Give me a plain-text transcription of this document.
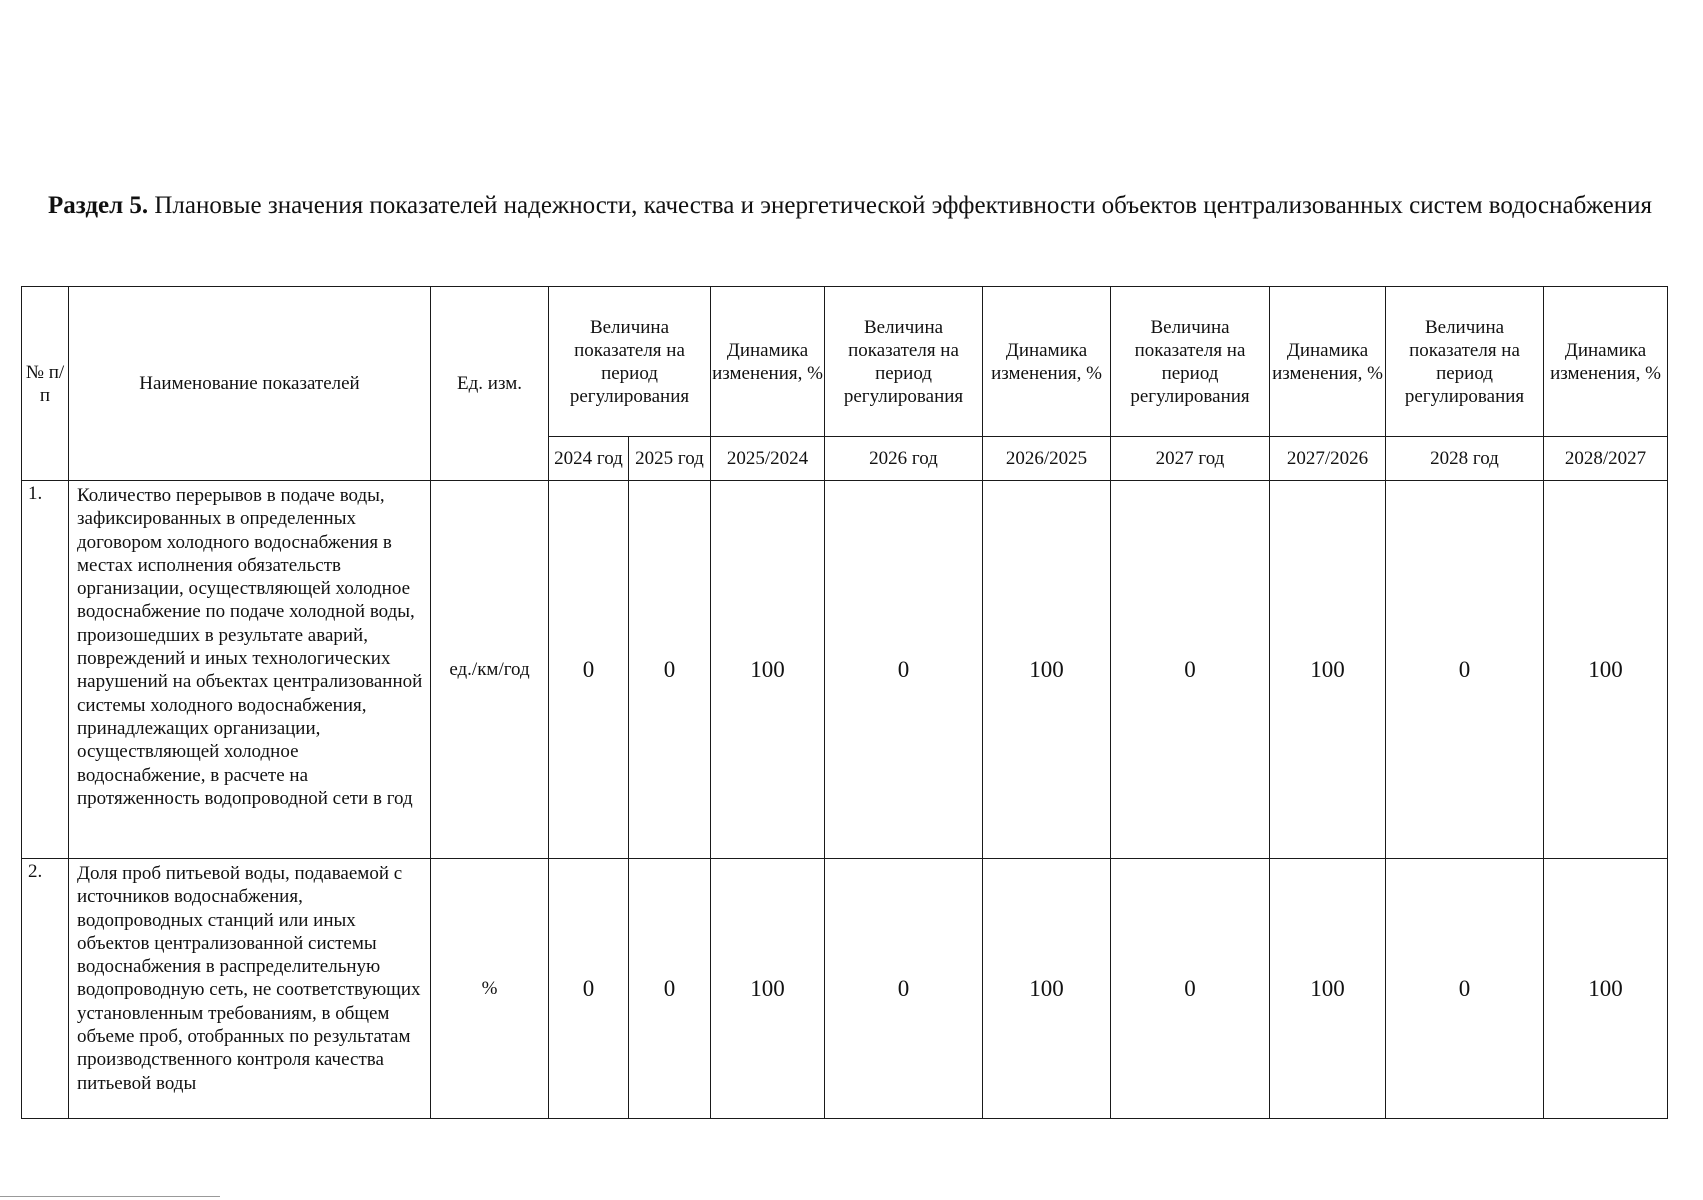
Раздел 5. Плановые значения показателей надежности, качества и энергетической эффективности объектов централизованных систем водоснабжения
№ п/п	Наименование показателей	Ед. изм.	Величина показателя на период регулирования		Динамика изменения, %	Величина показателя на период регулирования	Динамика изменения, %	Величина показателя на период регулирования	Динамика изменения, %	Величина показателя на период регулирования	Динамика изменения, %
			2024 год	2025 год	2025/2024	2026 год	2026/2025	2027 год	2027/2026	2028 год	2028/2027
1.	Количество перерывов в подаче воды, зафиксированных в определенных договором холодного водоснабжения в местах исполнения обязательств организации, осуществляющей холодное водоснабжение по подаче холодной воды, произошедших в результате аварий, повреждений и иных технологических нарушений на объектах централизованной системы холодного водоснабжения, принадлежащих организации, осуществляющей холодное водоснабжение, в расчете на протяженность водопроводной сети в год	ед./км/год	0	0	100	0	100	0	100	0	100
2.	Доля проб питьевой воды, подаваемой с источников водоснабжения, водопроводных станций или иных объектов централизованной системы водоснабжения в распределительную водопроводную сеть, не соответствующих установленным требованиям, в общем объеме проб, отобранных по результатам производственного контроля качества питьевой воды	%	0	0	100	0	100	0	100	0	100
